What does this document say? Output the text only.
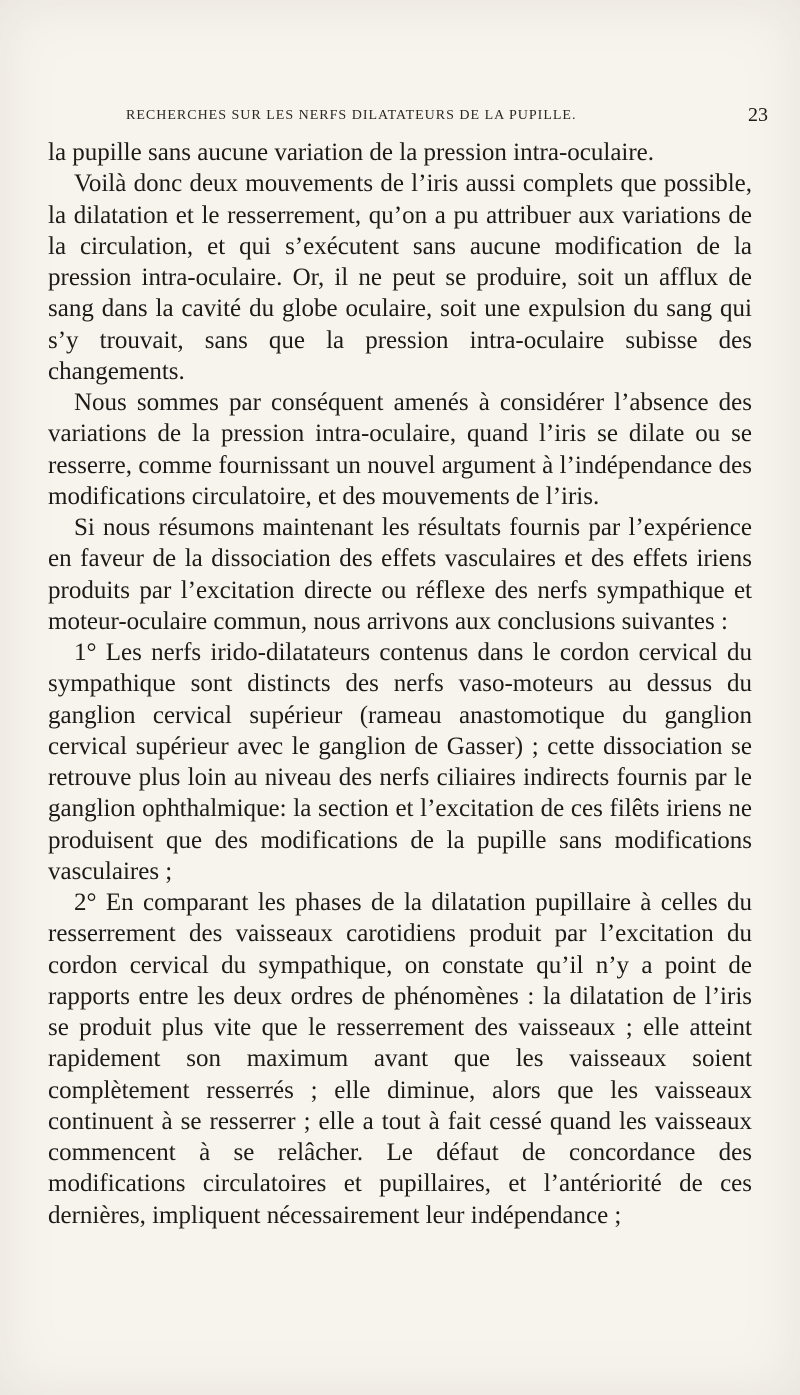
RECHERCHES SUR LES NERFS DILATATEURS DE LA PUPILLE.	23

la pupille sans aucune variation de la pression intra-oculaire.

Voilà donc deux mouvements de l’iris aussi complets que possible, la dilatation et le resserrement, qu’on a pu attribuer aux variations de la circulation, et qui s’exécutent sans aucune modification de la pression intra-oculaire. Or, il ne peut se produire, soit un afflux de sang dans la cavité du globe oculaire, soit une expulsion du sang qui s’y trouvait, sans que la pression intra-oculaire subisse des changements.

Nous sommes par conséquent amenés à considérer l’absence des variations de la pression intra-oculaire, quand l’iris se dilate ou se resserre, comme fournissant un nouvel argument à l’indépendance des modifications circulatoire, et des mouvements de l’iris.

Si nous résumons maintenant les résultats fournis par l’expérience en faveur de la dissociation des effets vasculaires et des effets iriens produits par l’excitation directe ou réflexe des nerfs sympathique et moteur-oculaire commun, nous arrivons aux conclusions suivantes :

1° Les nerfs irido-dilatateurs contenus dans le cordon cervical du sympathique sont distincts des nerfs vaso-moteurs au dessus du ganglion cervical supérieur (rameau anastomotique du ganglion cervical supérieur avec le ganglion de Gasser) ; cette dissociation se retrouve plus loin au niveau des nerfs ciliaires indirects fournis par le ganglion ophthalmique: la section et l’excitation de ces filêts iriens ne produisent que des modifications de la pupille sans modifications vasculaires ;

2° En comparant les phases de la dilatation pupillaire à celles du resserrement des vaisseaux carotidiens produit par l’excitation du cordon cervical du sympathique, on constate qu’il n’y a point de rapports entre les deux ordres de phénomènes : la dilatation de l’iris se produit plus vite que le resserrement des vaisseaux ; elle atteint rapidement son maximum avant que les vaisseaux soient complètement resserrés ; elle diminue, alors que les vaisseaux continuent à se resserrer ; elle a tout à fait cessé quand les vaisseaux commencent à se relâcher. Le défaut de concordance des modifications circulatoires et pupillaires, et l’antériorité de ces dernières, impliquent nécessairement leur indépendance ;
